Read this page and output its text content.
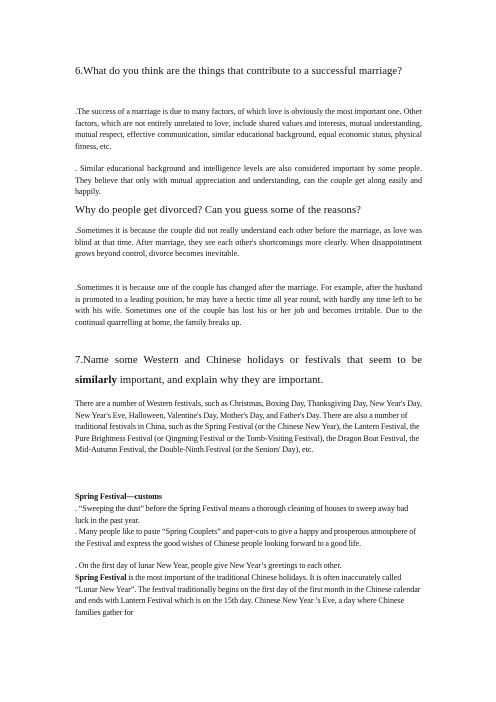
6.What do you think are the things that contribute to a successful marriage?

.The success of a marriage is due to many factors, of which love is obviously the most important one. Other factors, which are not entirely unrelated to love, include shared values and interests, mutual understanding, mutual respect, effective communication, similar educational background, equal economic status, physical fitness, etc.

. Similar educational background and intelligence levels are also considered important by some people. They believe that only with mutual appreciation and understanding, can the couple get along easily and happily.

Why do people get divorced? Can you guess some of the reasons?

.Sometimes it is because the couple did not really understand each other before the marriage, as love was blind at that time. After marriage, they see each other's shortcomings more clearly. When disappointment grows beyond control, divorce becomes inevitable.

.Sometimes it is because one of the couple has changed after the marriage. For example, after the husband is promoted to a leading position, he may have a hectic time all year round, with hardly any time left to be with his wife. Sometimes one of the couple has lost his or her job and becomes irritable. Due to the continual quarrelling at home, the family breaks up.

7.Name some Western and Chinese holidays or festivals that seem to be similarly important, and explain why they are important.

There are a number of Western festivals, such as Christmas, Boxing Day, Thanksgiving Day, New Year's Day, New Year's Eve, Halloween, Valentine's Day, Mother's Day, and Father's Day. There are also a number of traditional festivals in China, such as the Spring Festival (or the Chinese New Year), the Lantern Festival, the Pure Brightness Festival (or Qingming Festival or the Tomb-Visiting Festival), the Dragon Boat Festival, the Mid-Autumn Festival, the Double-Ninth Festival (or the Seniors' Day), etc.

Spring Festival—customs

. “Sweeping the dust” before the Spring Festival means a thorough cleaning of houses to sweep away bad luck in the past year.

. Many people like to paste “Spring Couplets” and paper-cuts to give a happy and prosperous atmosphere of the Festival and express the good wishes of Chinese people looking forward to a good life.

. On the first day of lunar New Year, people give New Year’s greetings to each other.

Spring Festival is the most important of the traditional Chinese holidays. It is often inaccurately called “Lunar New Year”. The festival traditionally begins on the first day of the first month in the Chinese calendar and ends with Lantern Festival which is on the 15th day. Chinese New Year ’s Eve, a day where Chinese families gather for
